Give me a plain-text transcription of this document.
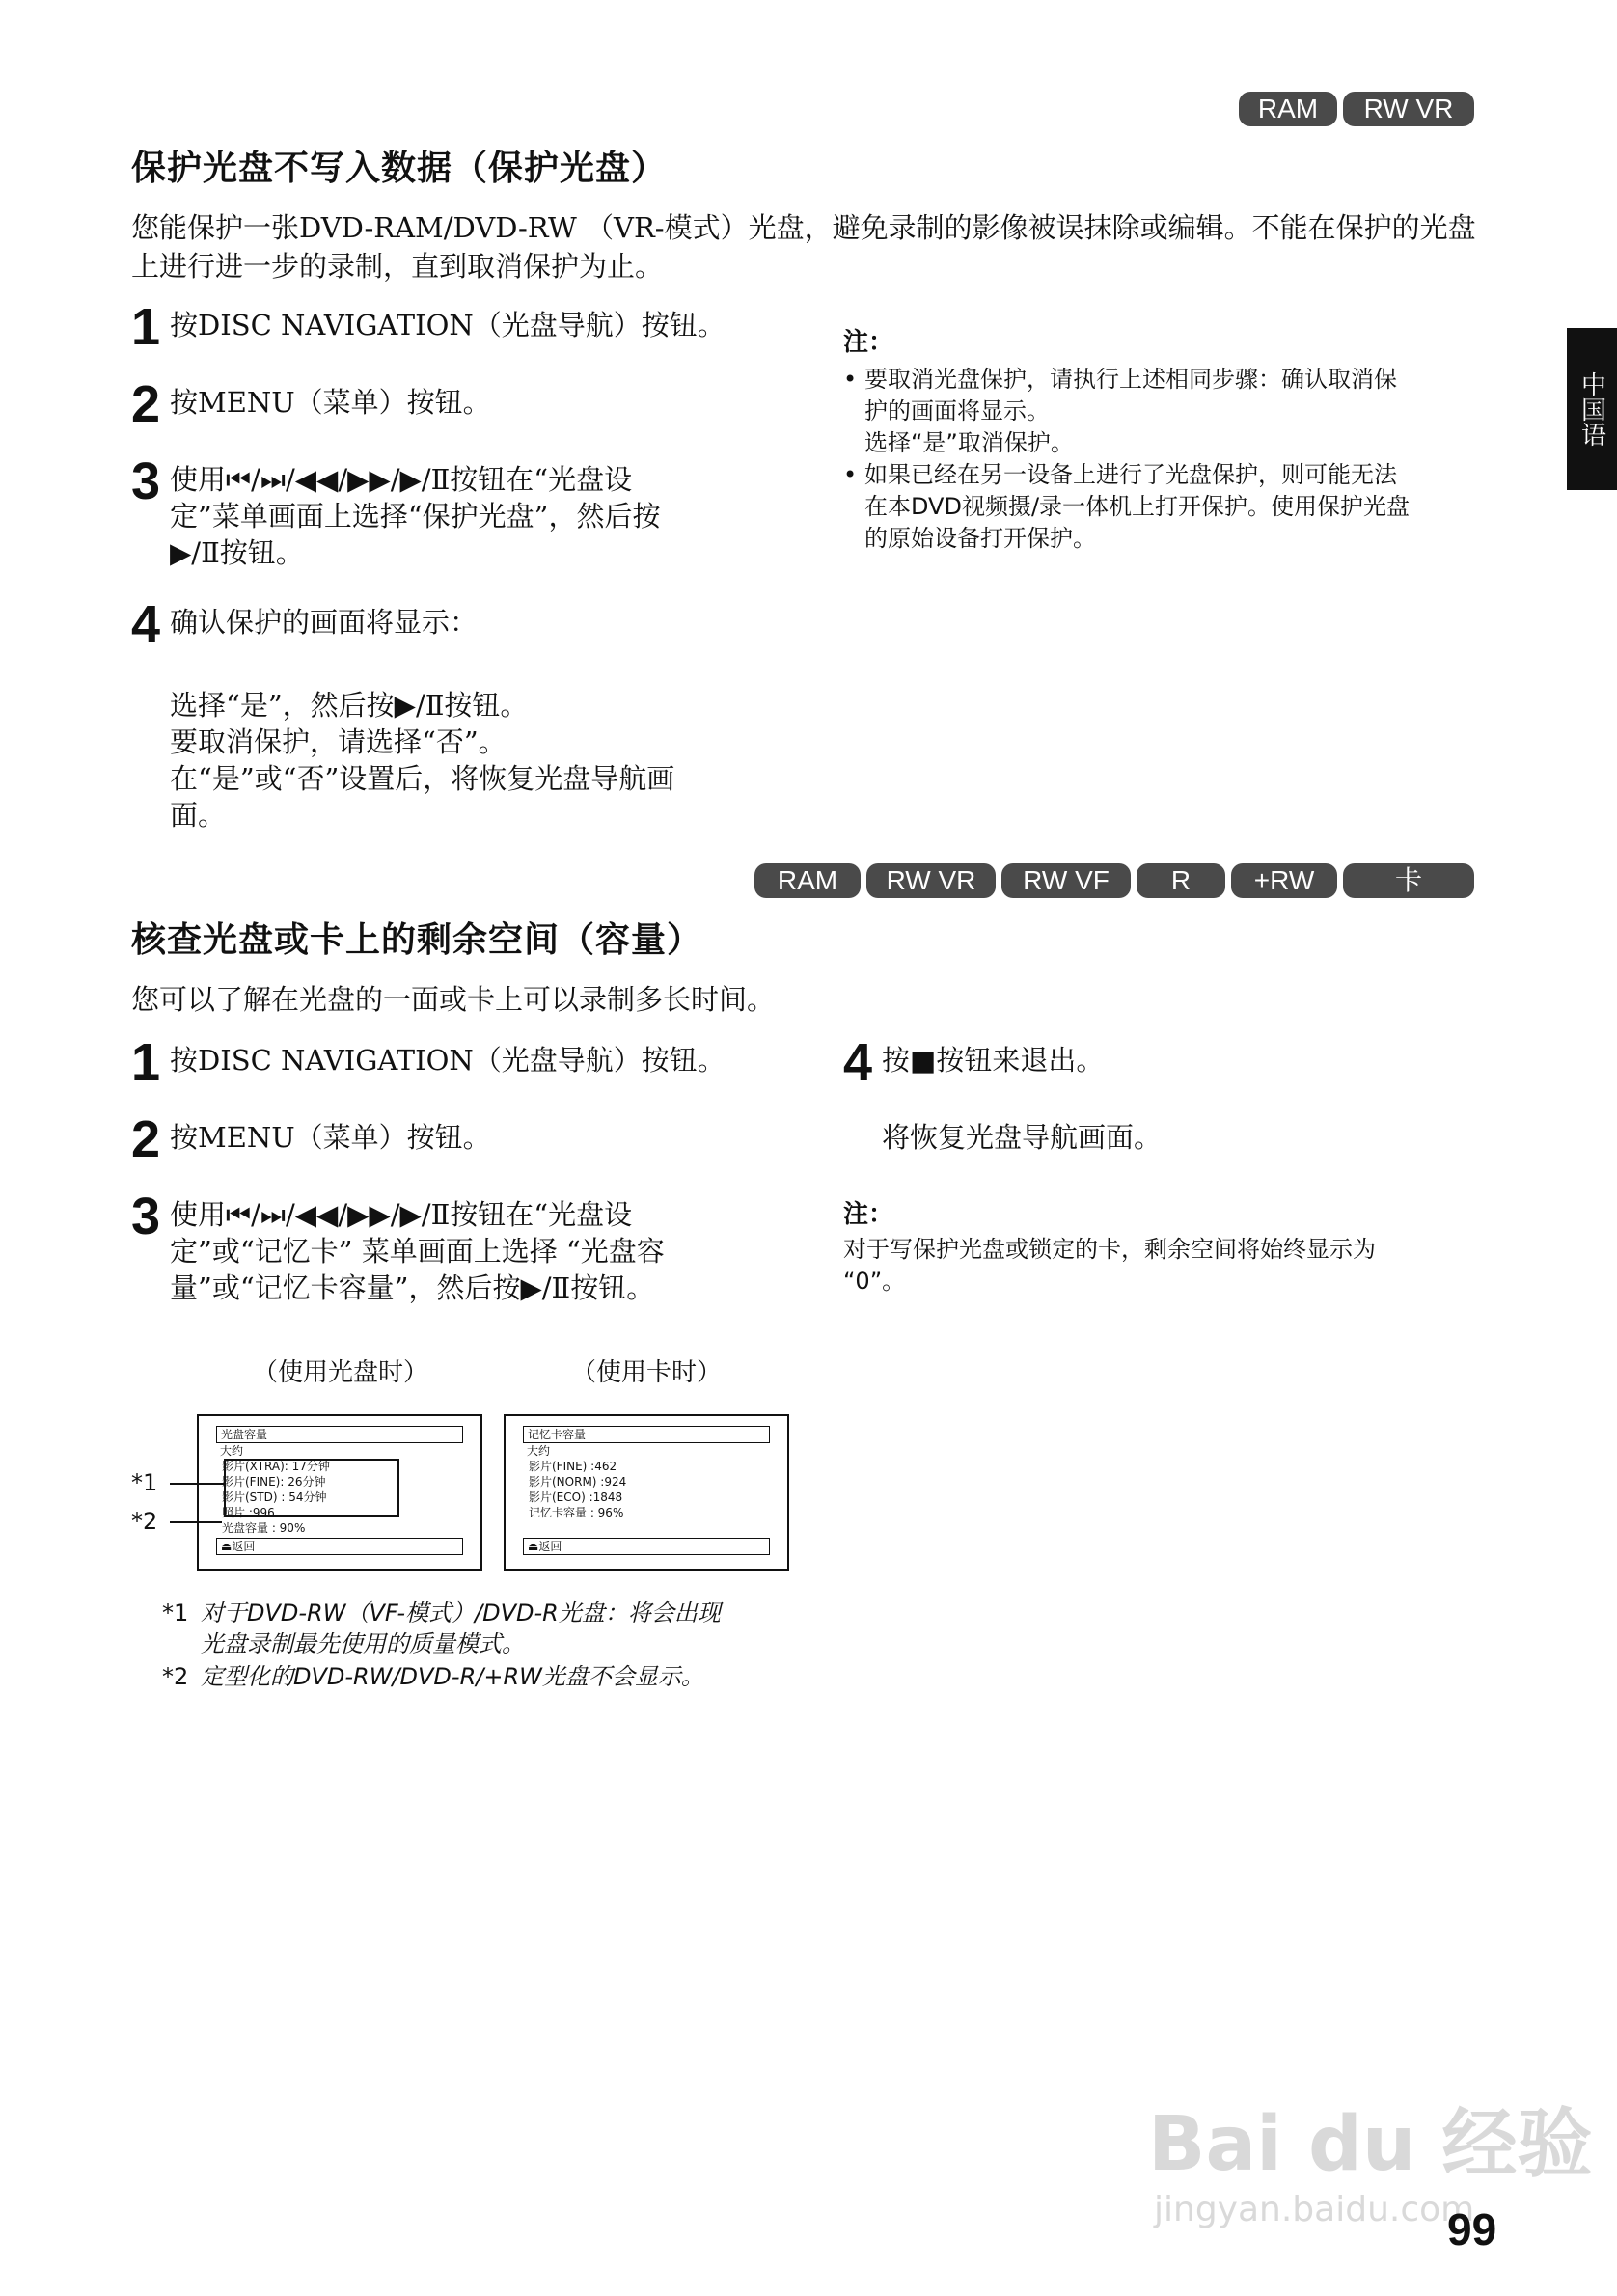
RAM	RW VR
保护光盘不写入数据（保护光盘）
您能保护一张DVD-RAM/DVD-RW （VR-模式）光盘，避免录制的影像被误抹除或编辑。不能在保护的光盘上进行进一步的录制，直到取消保护为止。
1 按DISC NAVIGATION（光盘导航）按钮。
2 按MENU（菜单）按钮。
3 使用⏮/⏭/◀◀/▶▶/▶/Ⅱ按钮在“光盘设
定”菜单画面上选择“保护光盘”，然后按
▶/Ⅱ按钮。
4 确认保护的画面将显示：
选择“是”，然后按▶/Ⅱ按钮。
要取消保护，请选择“否”。
在“是”或“否”设置后，将恢复光盘导航画
面。
注：
• 要取消光盘保护，请执行上述相同步骤：确认取消保
护的画面将显示。
选择“是”取消保护。
• 如果已经在另一设备上进行了光盘保护，则可能无法
在本DVD视频摄/录一体机上打开保护。使用保护光盘
的原始设备打开保护。
中国语
RAM	RW VR	RW VF	R	+RW	卡
核查光盘或卡上的剩余空间（容量）
您可以了解在光盘的一面或卡上可以录制多长时间。
1 按DISC NAVIGATION（光盘导航）按钮。
2 按MENU（菜单）按钮。
3 使用⏮/⏭/◀◀/▶▶/▶/Ⅱ按钮在“光盘设
定”或“记忆卡” 菜单画面上选择 “光盘容
量”或“记忆卡容量”，然后按▶/Ⅱ按钮。
4 按■按钮来退出。
将恢复光盘导航画面。
注：
对于写保护光盘或锁定的卡，剩余空间将始终显示为
“0”。
（使用光盘时）	（使用卡时）
光盘容量
大约
影片(XTRA): 17分钟
影片(FINE): 26分钟
影片(STD) : 54分钟
照片 :996
光盘容量 : 90%
⏏返回
*1
*2
记忆卡容量
大约
影片(FINE) :462
影片(NORM) :924
影片(ECO) :1848
记忆卡容量 : 96%
⏏返回
*1 对于DVD-RW（VF-模式）/DVD-R光盘：将会出现
光盘录制最先使用的质量模式。
*2 定型化的DVD-RW/DVD-R/+RW光盘不会显示。
Bai du 经验
jingyan.baidu.com
99
